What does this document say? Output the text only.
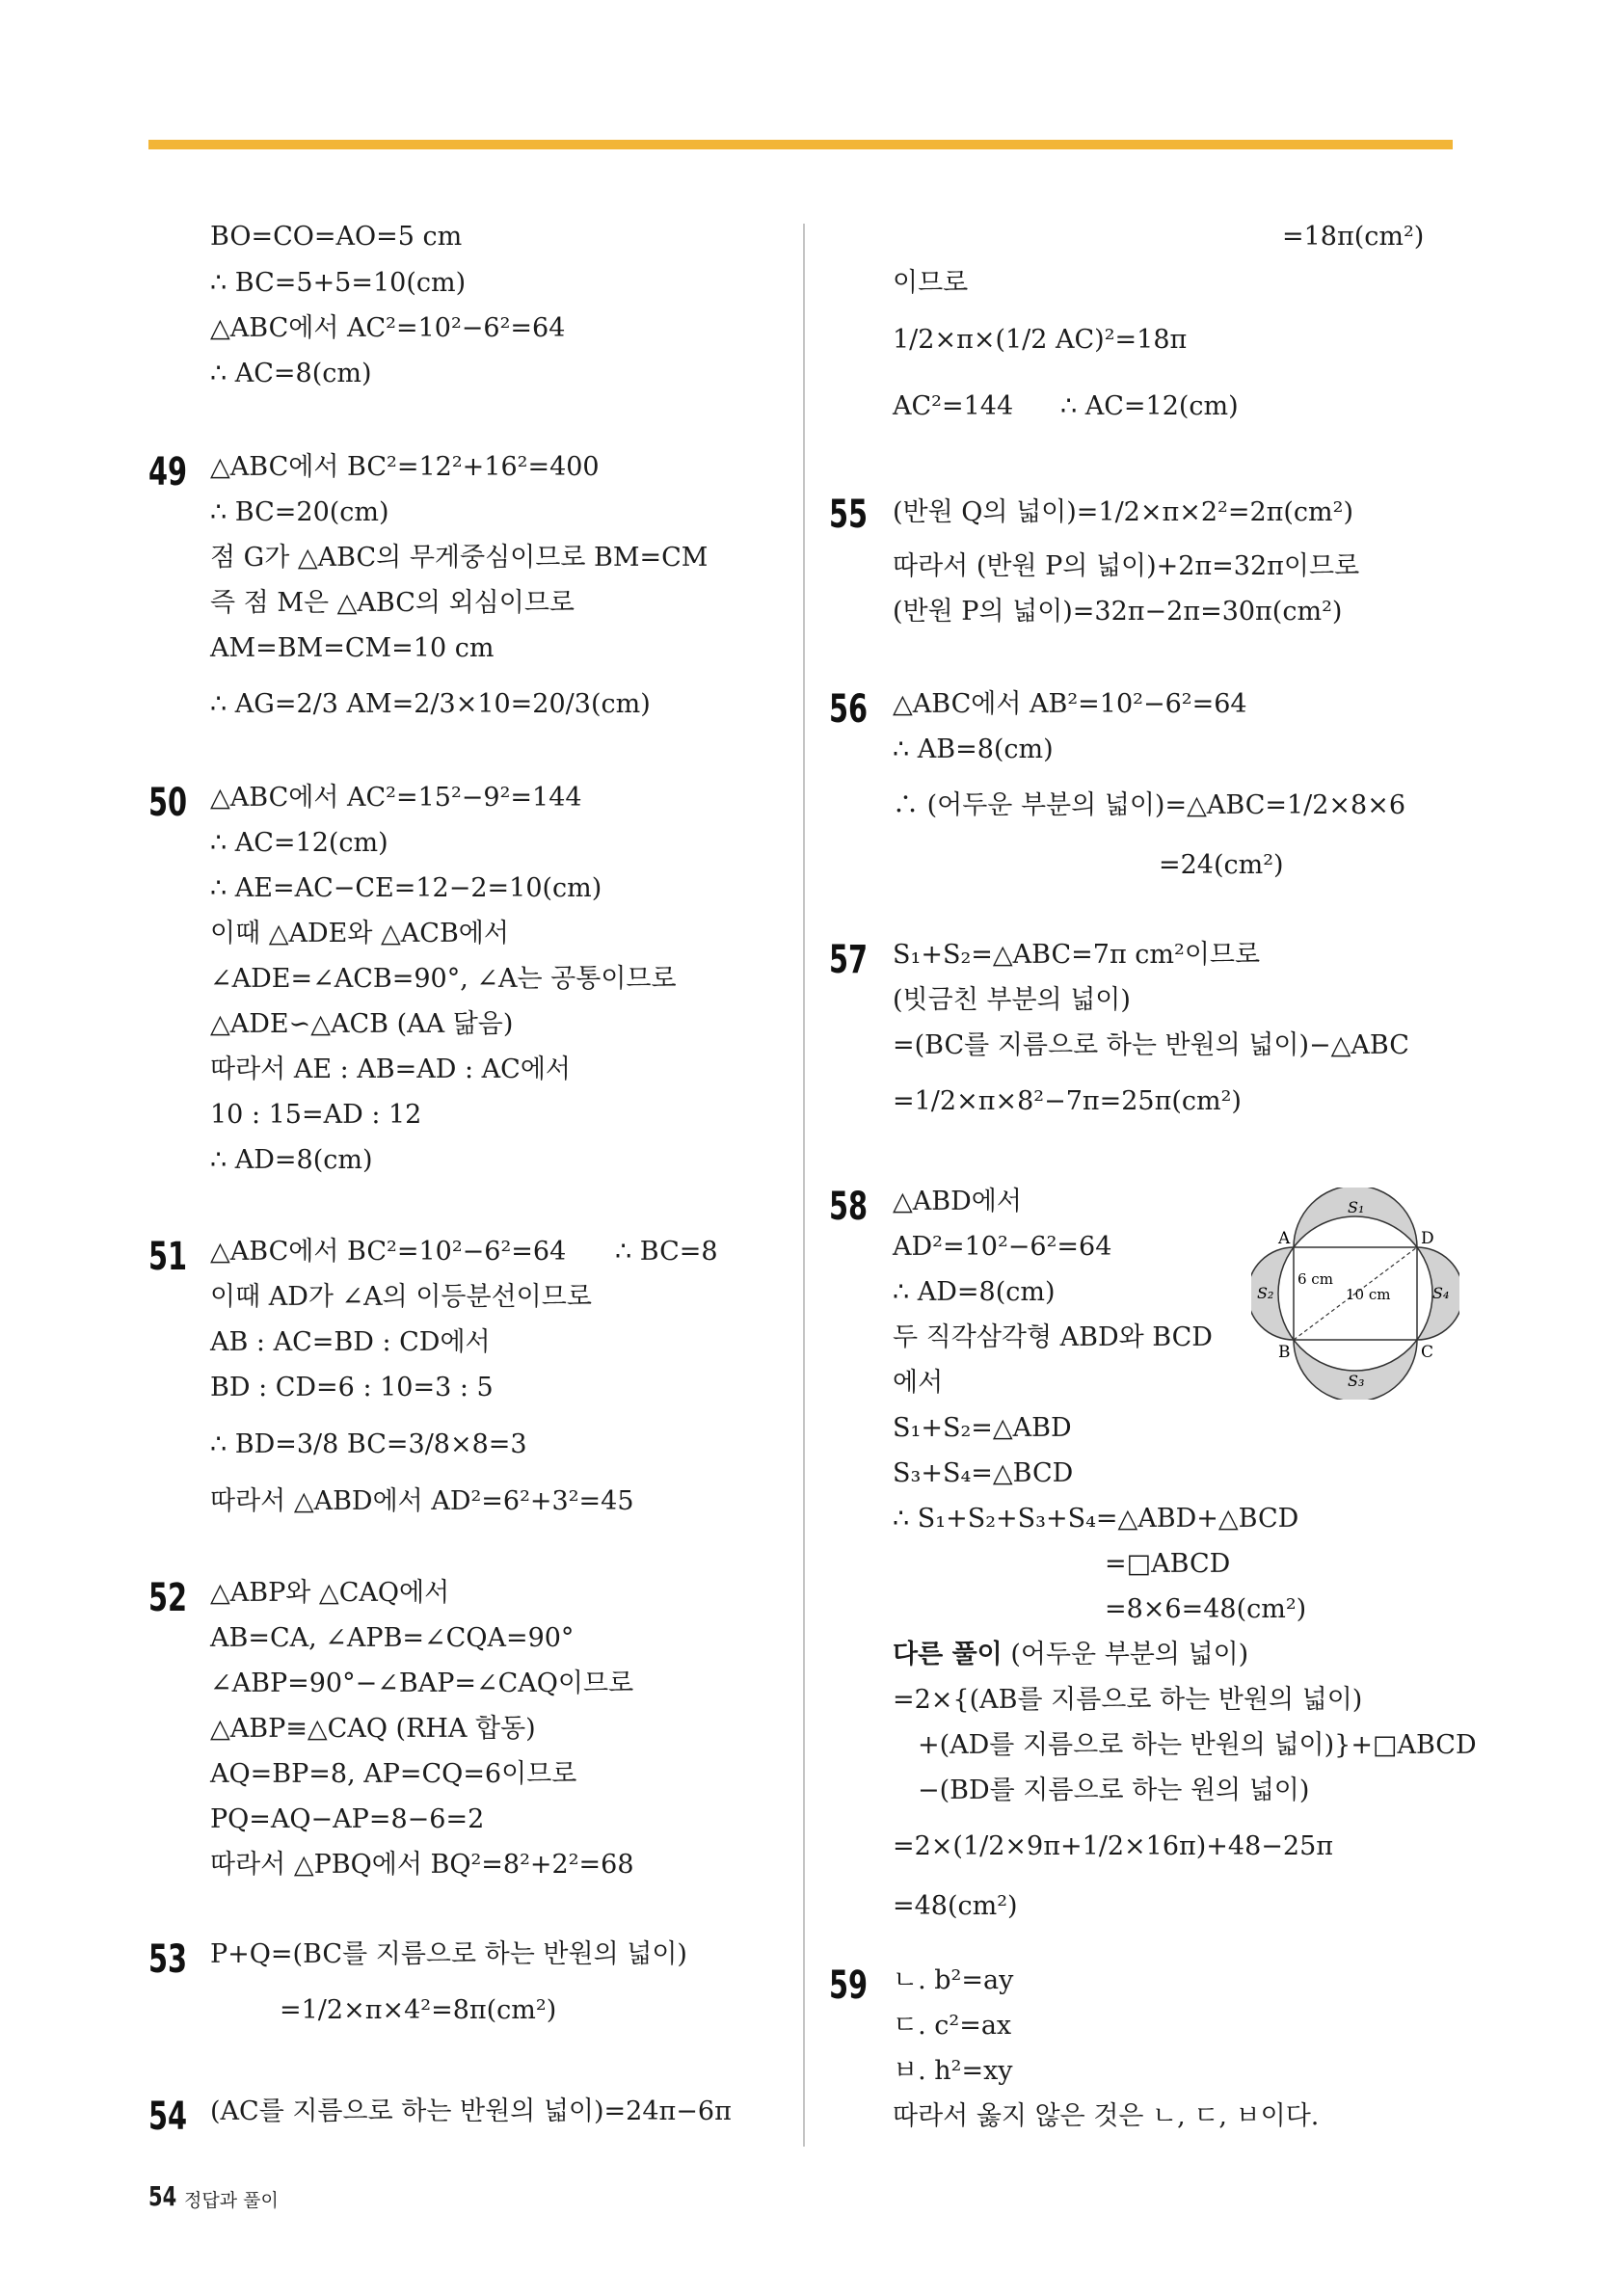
BO=CO=AO=5 cm
∴ BC=5+5=10(cm)
△ABC에서 AC²=10²−6²=64
∴ AC=8(cm)
49 △ABC에서 BC²=12²+16²=400
∴ BC=20(cm)
점 G가 △ABC의 무게중심이므로 BM=CM
즉 점 M은 △ABC의 외심이므로
AM=BM=CM=10 cm
∴ AG=2/3 AM=2/3×10=20/3(cm)
50 △ABC에서 AC²=15²−9²=144
∴ AC=12(cm)
∴ AE=AC−CE=12−2=10(cm)
이때 △ADE와 △ACB에서
∠ADE=∠ACB=90°, ∠A는 공통이므로
△ADE∽△ACB (AA 닮음)
따라서 AE : AB=AD : AC에서
10 : 15=AD : 12
∴ AD=8(cm)
51 △ABC에서 BC²=10²−6²=64 ∴ BC=8
이때 AD가 ∠A의 이등분선이므로
AB : AC=BD : CD에서
BD : CD=6 : 10=3 : 5
∴ BD=3/8 BC=3/8×8=3
따라서 △ABD에서 AD²=6²+3²=45
52 △ABP와 △CAQ에서
AB=CA, ∠APB=∠CQA=90°
∠ABP=90°−∠BAP=∠CAQ이므로
△ABP≡△CAQ (RHA 합동)
AQ=BP=8, AP=CQ=6이므로
PQ=AQ−AP=8−6=2
따라서 △PBQ에서 BQ²=8²+2²=68
53 P+Q=(BC를 지름으로 하는 반원의 넓이)
=1/2×π×4²=8π(cm²)
54 (AC를 지름으로 하는 반원의 넓이)=24π−6π
=18π(cm²)
이므로
1/2×π×(1/2 AC)²=18π
AC²=144 ∴ AC=12(cm)
55 (반원 Q의 넓이)=1/2×π×2²=2π(cm²)
따라서 (반원 P의 넓이)+2π=32π이므로
(반원 P의 넓이)=32π−2π=30π(cm²)
56 △ABC에서 AB²=10²−6²=64
∴ AB=8(cm)
∴ (어두운 부분의 넓이)=△ABC=1/2×8×6
=24(cm²)
57 S₁+S₂=△ABC=7π cm²이므로
(빗금친 부분의 넓이)
=(BC를 지름으로 하는 반원의 넓이)−△ABC
=1/2×π×8²−7π=25π(cm²)
58 △ABD에서
AD²=10²−6²=64
∴ AD=8(cm)
두 직각삼각형 ABD와 BCD
에서
S₁+S₂=△ABD
S₃+S₄=△BCD
∴ S₁+S₂+S₃+S₄=△ABD+△BCD
=□ABCD
=8×6=48(cm²)
다른 풀이 (어두운 부분의 넓이)
=2×{(AB를 지름으로 하는 반원의 넓이)
+(AD를 지름으로 하는 반원의 넓이)}+□ABCD
−(BD를 지름으로 하는 원의 넓이)
=2×(1/2×9π+1/2×16π)+48−25π
=48(cm²)
A
B	C
D
S₁
S₂
S₃
S₄
6 cm
10 cm
59 ㄴ. b²=ay
ㄷ. c²=ax
ㅂ. h²=xy
따라서 옳지 않은 것은 ㄴ, ㄷ, ㅂ이다.
54 정답과 풀이
